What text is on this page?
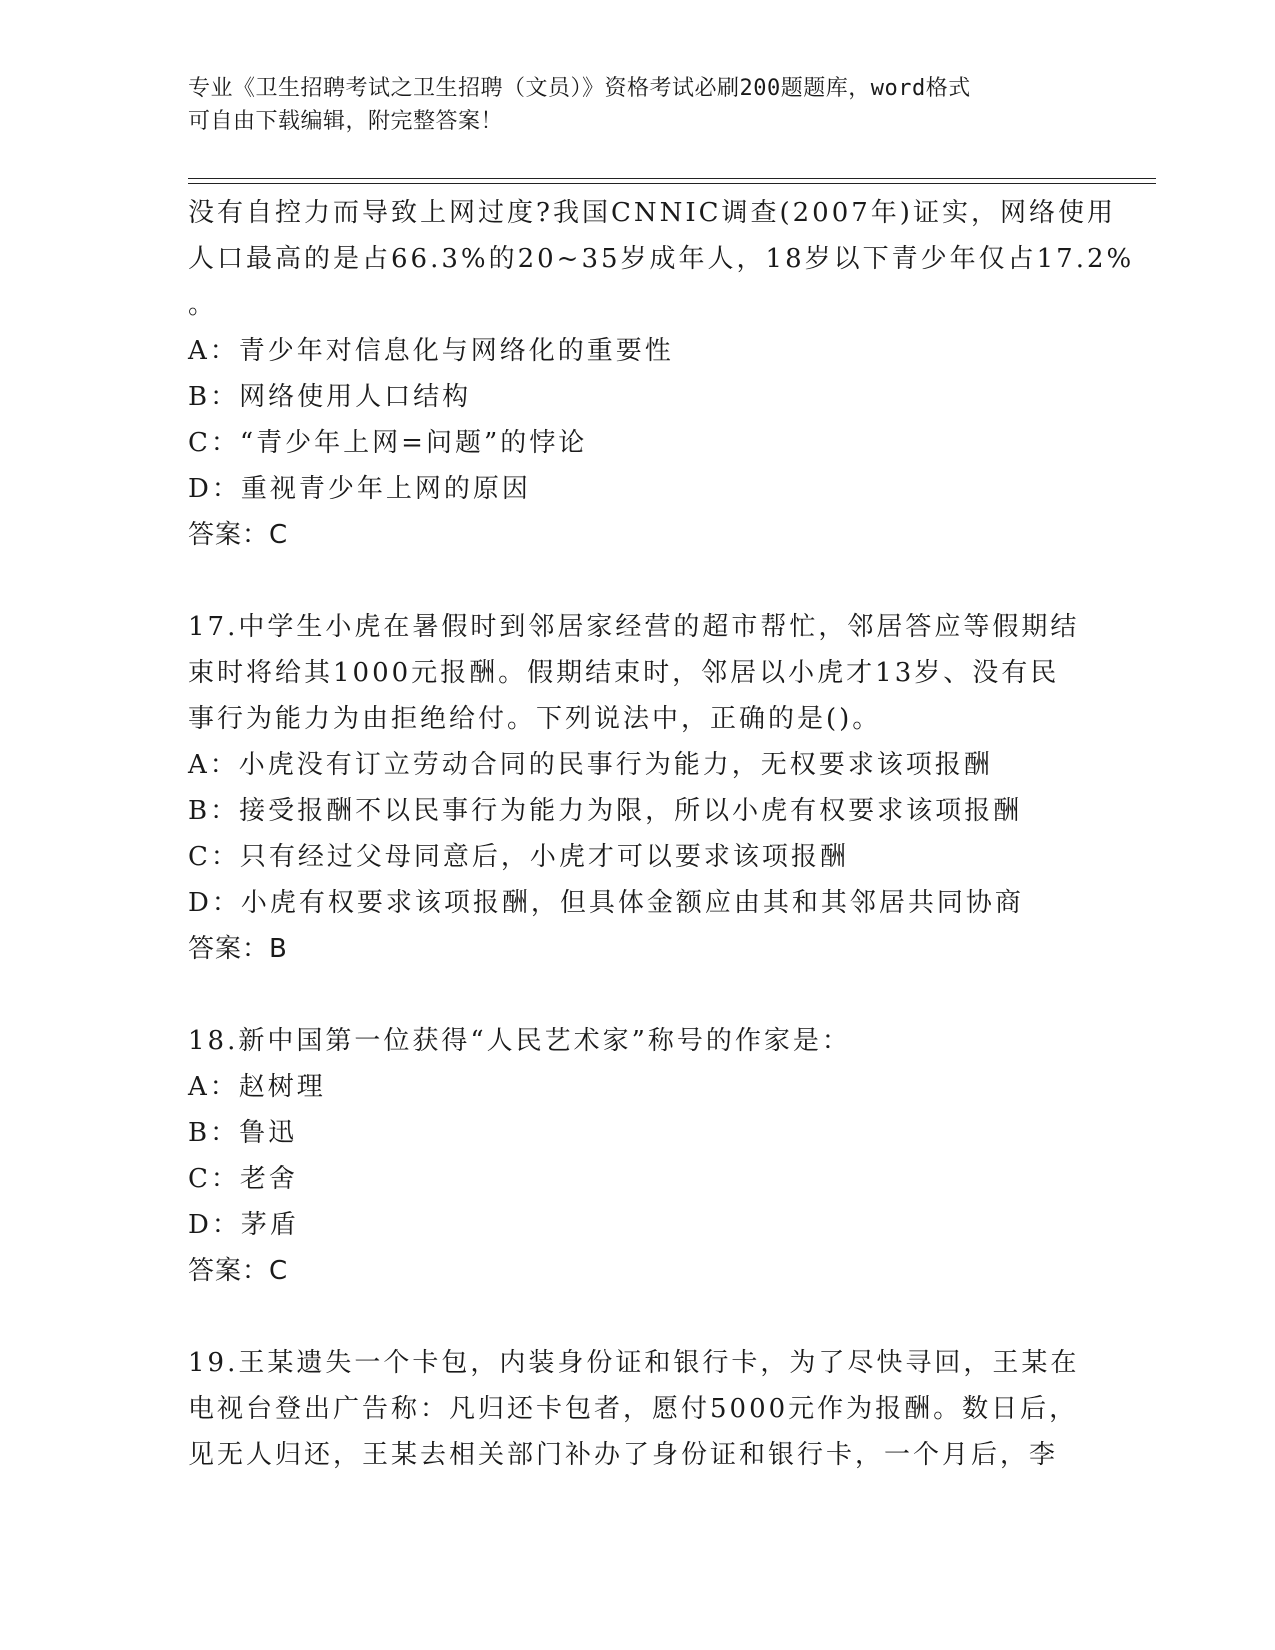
专业《卫生招聘考试之卫生招聘（文员）》资格考试必刷200题题库，word格式
可自由下载编辑，附完整答案！
没有自控力而导致上网过度?我国CNNIC调查(2007年)证实，网络使用
人口最高的是占66.3%的20~35岁成年人，18岁以下青少年仅占17.2%
。
A：青少年对信息化与网络化的重要性
B：网络使用人口结构
C：“青少年上网=问题”的悖论
D：重视青少年上网的原因
答案：C
17.中学生小虎在暑假时到邻居家经营的超市帮忙，邻居答应等假期结
束时将给其1000元报酬。假期结束时，邻居以小虎才13岁、没有民
事行为能力为由拒绝给付。下列说法中，正确的是()。
A：小虎没有订立劳动合同的民事行为能力，无权要求该项报酬
B：接受报酬不以民事行为能力为限，所以小虎有权要求该项报酬
C：只有经过父母同意后，小虎才可以要求该项报酬
D：小虎有权要求该项报酬，但具体金额应由其和其邻居共同协商
答案：B
18.新中国第一位获得“人民艺术家”称号的作家是：
A：赵树理
B：鲁迅
C：老舍
D：茅盾
答案：C
19.王某遗失一个卡包，内装身份证和银行卡，为了尽快寻回，王某在
电视台登出广告称：凡归还卡包者，愿付5000元作为报酬。数日后，
见无人归还，王某去相关部门补办了身份证和银行卡，一个月后，李
